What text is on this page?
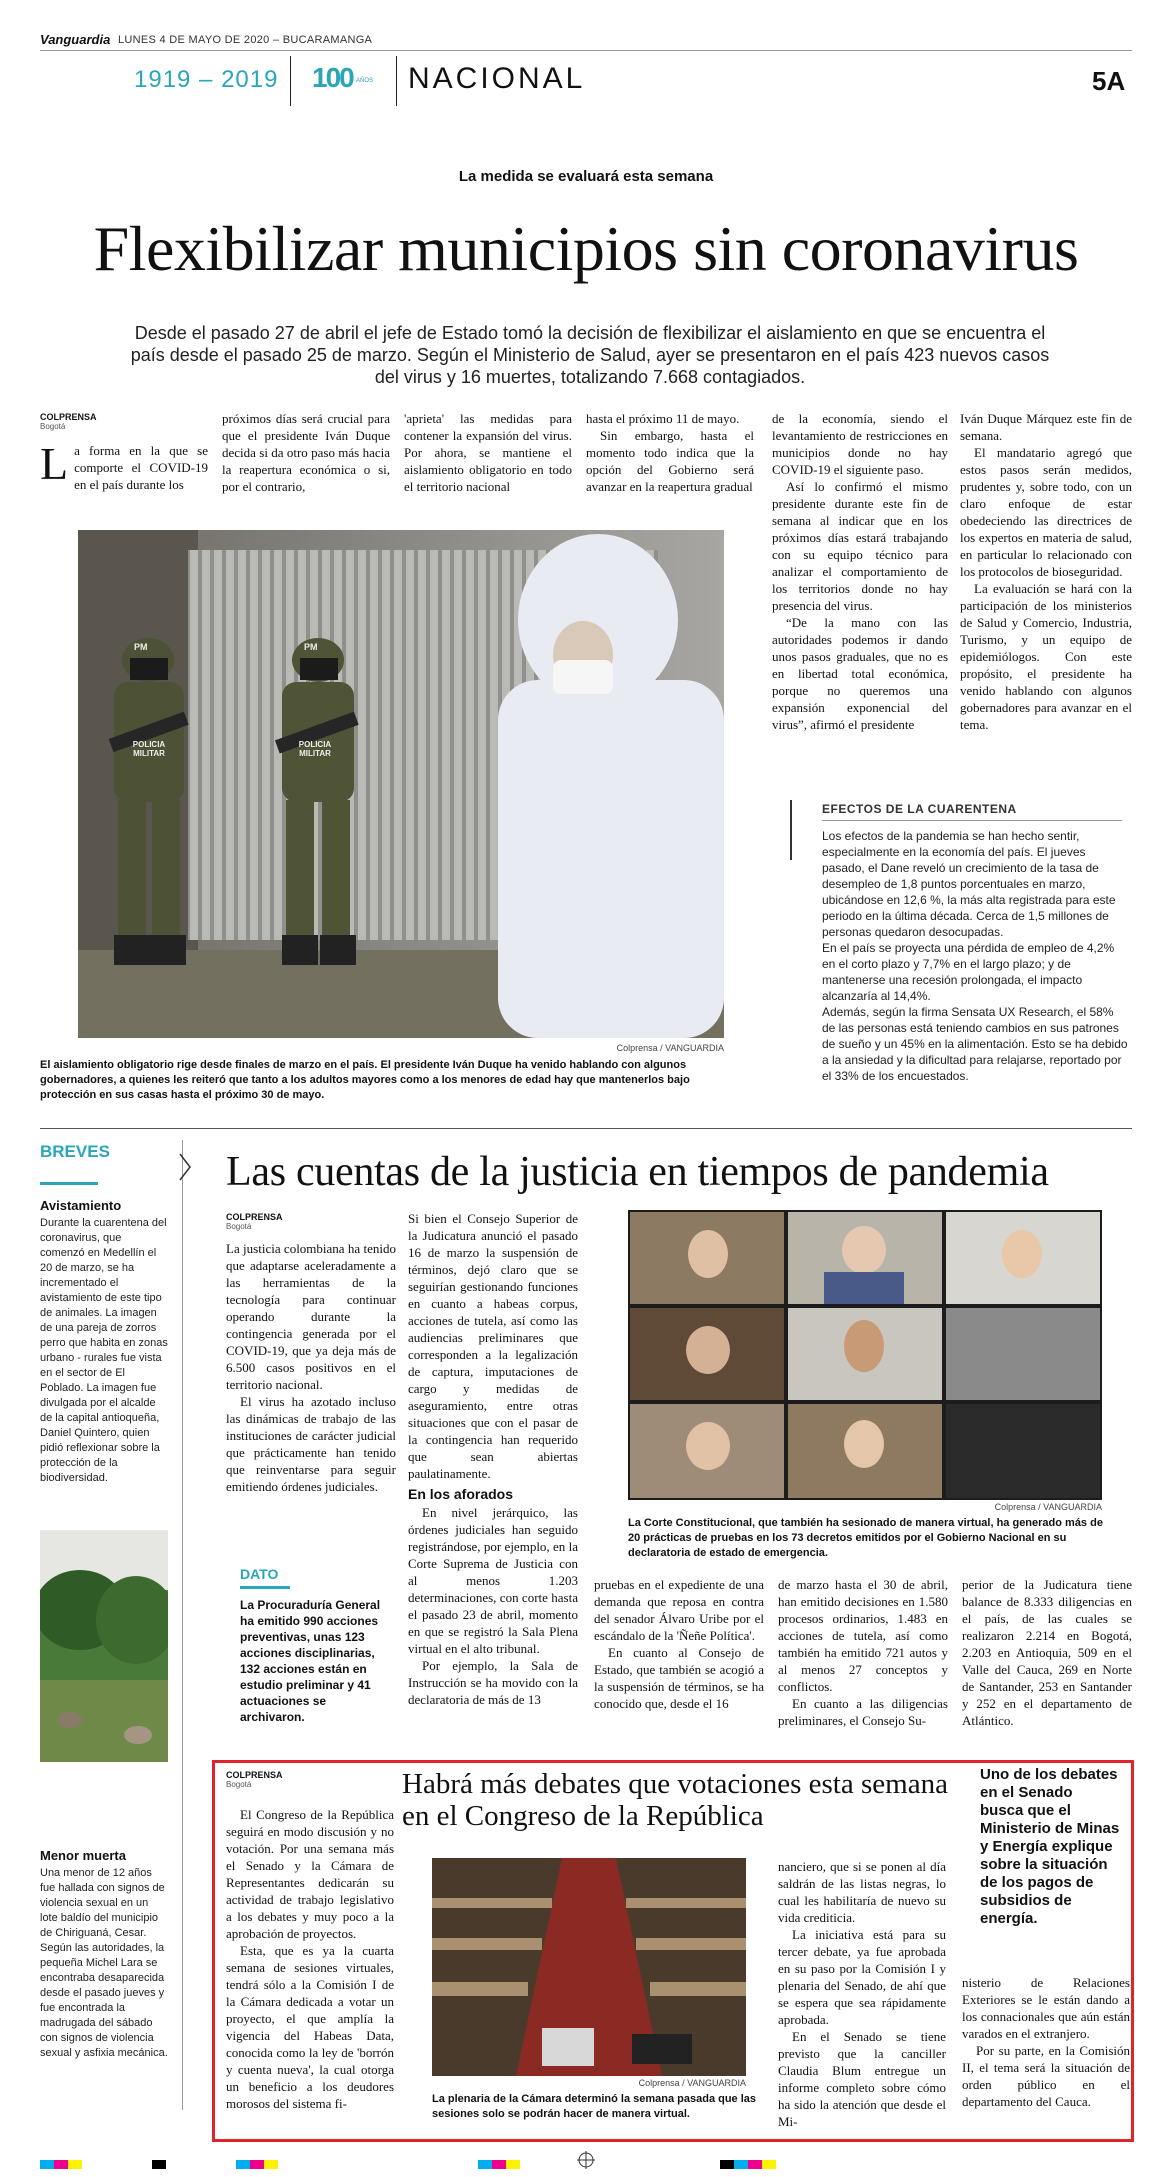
Vanguardia LUNES 4 DE MAYO DE 2020 – BUCARAMANGA
1919 – 2019 100 AÑOS NACIONAL	5A
La medida se evaluará esta semana
Flexibilizar municipios sin coronavirus
Desde el pasado 27 de abril el jefe de Estado tomó la decisión de flexibilizar el aislamiento en que se encuentra el país desde el pasado 25 de marzo. Según el Ministerio de Salud, ayer se presentaron en el país 423 nuevos casos del virus y 16 muertes, totalizando 7.668 contagiados.
COLPRENSA
Bogotá
L a forma en la que se comporte el COVID-19 en el país durante los

próximos días será crucial para que el presidente Iván Duque decida si da otro paso más hacia la reapertura económica o si, por el contrario,

'aprieta' las medidas para contener la expansión del virus. Por ahora, se mantiene el aislamiento obligatorio en todo el territorio nacional

hasta el próximo 11 de mayo.

Sin embargo, hasta el momento todo indica que la opción del Gobierno será avanzar en la reapertura gradual

de la economía, siendo el levantamiento de restricciones en municipios donde no hay COVID-19 el siguiente paso.

Así lo confirmó el mismo presidente durante este fin de semana al indicar que en los próximos días estará trabajando con su equipo técnico para analizar el comportamiento de los territorios donde no hay presencia del virus.

“De la mano con las autoridades podemos ir dando unos pasos graduales, que no es en libertad total económica, porque no queremos una expansión exponencial del virus”, afirmó el presidente

Iván Duque Márquez este fin de semana.

El mandatario agregó que estos pasos serán medidos, prudentes y, sobre todo, con un claro enfoque de estar obedeciendo las directrices de los expertos en materia de salud, en particular lo relacionado con los protocolos de bioseguridad.

La evaluación se hará con la participación de los ministerios de Salud y Comercio, Industria, Turismo, y un equipo de epidemiólogos. Con este propósito, el presidente ha venido hablando con algunos gobernadores para avanzar en el tema.

POLICIA MILITAR
POLICIA MILITAR
PM	PM
Colprensa / VANGUARDIA
El aislamiento obligatorio rige desde finales de marzo en el país. El presidente Iván Duque ha venido hablando con algunos gobernadores, a quienes les reiteró que tanto a los adultos mayores como a los menores de edad hay que mantenerlos bajo protección en sus casas hasta el próximo 30 de mayo.
EFECTOS DE LA CUARENTENA

Los efectos de la pandemia se han hecho sentir, especialmente en la economía del país. El jueves pasado, el Dane reveló un crecimiento de la tasa de desempleo de 1,8 puntos porcentuales en marzo, ubicándose en 12,6 %, la más alta registrada para este periodo en la última década. Cerca de 1,5 millones de personas quedaron desocupadas.

En el país se proyecta una pérdida de empleo de 4,2% en el corto plazo y 7,7% en el largo plazo; y de mantenerse una recesión prolongada, el impacto alcanzaría al 14,4%.

Además, según la firma Sensata UX Research, el 58% de las personas está teniendo cambios en sus patrones de sueño y un 45% en la alimentación. Esto se ha debido a la ansiedad y la dificultad para relajarse, reportado por el 33% de los encuestados.

BREVES
Avistamiento
Durante la cuarentena del coronavirus, que comenzó en Medellín el 20 de marzo, se ha incrementado el avistamiento de este tipo de animales. La imagen de una pareja de zorros perro que habita en zonas urbano - rurales fue vista en el sector de El Poblado. La imagen fue divulgada por el alcalde de la capital antioqueña, Daniel Quintero, quien pidió reflexionar sobre la protección de la biodiversidad.
Menor muerta
Una menor de 12 años fue hallada con signos de violencia sexual en un lote baldío del municipio de Chiriguaná, Cesar. Según las autoridades, la pequeña Michel Lara se encontraba desaparecida desde el pasado jueves y fue encontrada la madrugada del sábado con signos de violencia sexual y asfixia mecánica.
Las cuentas de la justicia en tiempos de pandemia
COLPRENSA
Bogotá

La justicia colombiana ha tenido que adaptarse aceleradamente a las herramientas de la tecnología para continuar operando durante la contingencia generada por el COVID-19, que ya deja más de 6.500 casos positivos en el territorio nacional.

El virus ha azotado incluso las dinámicas de trabajo de las instituciones de carácter judicial que prácticamente han tenido que reinventarse para seguir emitiendo órdenes judiciales.

Si bien el Consejo Superior de la Judicatura anunció el pasado 16 de marzo la suspensión de términos, dejó claro que se seguirían gestionando funciones en cuanto a habeas corpus, acciones de tutela, así como las audiencias preliminares que corresponden a la legalización de captura, imputaciones de cargo y medidas de aseguramiento, entre otras situaciones que con el pasar de la contingencia han requerido que sean abiertas paulatinamente.

En los aforados

En nivel jerárquico, las órdenes judiciales han seguido registrándose, por ejemplo, en la Corte Suprema de Justicia con al menos 1.203 determinaciones, con corte hasta el pasado 23 de abril, momento en que se registró la Sala Plena virtual en el alto tribunal.

Por ejemplo, la Sala de Instrucción se ha movido con la declaratoria de más de 13

Colprensa / VANGUARDIA
La Corte Constitucional, que también ha sesionado de manera virtual, ha generado más de 20 prácticas de pruebas en los 73 decretos emitidos por el Gobierno Nacional en su declaratoria de estado de emergencia.

pruebas en el expediente de una demanda que reposa en contra del senador Álvaro Uribe por el escándalo de la 'Ñeñe Política'.

En cuanto al Consejo de Estado, que también se acogió a la suspensión de términos, se ha conocido que, desde el 16

de marzo hasta el 30 de abril, han emitido decisiones en 1.580 procesos ordinarios, 1.483 en acciones de tutela, así como también ha emitido 721 autos y al menos 27 conceptos y conflictos.

En cuanto a las diligencias preliminares, el Consejo Su-

perior de la Judicatura tiene balance de 8.333 diligencias en el país, de las cuales se realizaron 2.214 en Bogotá, 2.203 en Antioquia, 509 en el Valle del Cauca, 269 en Norte de Santander, 253 en Santander y 252 en el departamento de Atlántico.

DATO
La Procuraduría General ha emitido 990 acciones preventivas, unas 123 acciones disciplinarias, 132 acciones están en estudio preliminar y 41 actuaciones se archivaron.
COLPRENSA
Bogotá	Habrá más debates que votaciones esta semana en el Congreso de la República
Uno de los debates en el Senado busca que el Ministerio de Minas y Energía explique sobre la situación de los pagos de subsidios de energía.

El Congreso de la República seguirá en modo discusión y no votación. Por una semana más el Senado y la Cámara de Representantes dedicarán su actividad de trabajo legislativo a los debates y muy poco a la aprobación de proyectos.

Esta, que es ya la cuarta semana de sesiones virtuales, tendrá sólo a la Comisión I de la Cámara dedicada a votar un proyecto, el que amplía la vigencia del Habeas Data, conocida como la ley de 'borrón y cuenta nueva', la cual otorga un beneficio a los deudores morosos del sistema fi-

Colprensa / VANGUARDIA
La plenaria de la Cámara determinó la semana pasada que las sesiones solo se podrán hacer de manera virtual.

nanciero, que si se ponen al día saldrán de las listas negras, lo cual les habilitaría de nuevo su vida crediticia.

La iniciativa está para su tercer debate, ya fue aprobada en su paso por la Comisión I y plenaria del Senado, de ahí que se espera que sea rápidamente aprobada.

En el Senado se tiene previsto que la canciller Claudia Blum entregue un informe completo sobre cómo ha sido la atención que desde el Mi-

nisterio de Relaciones Exteriores se le están dando a los connacionales que aún están varados en el extranjero.

Por su parte, en la Comisión II, el tema será la situación de orden público en el departamento del Cauca.
